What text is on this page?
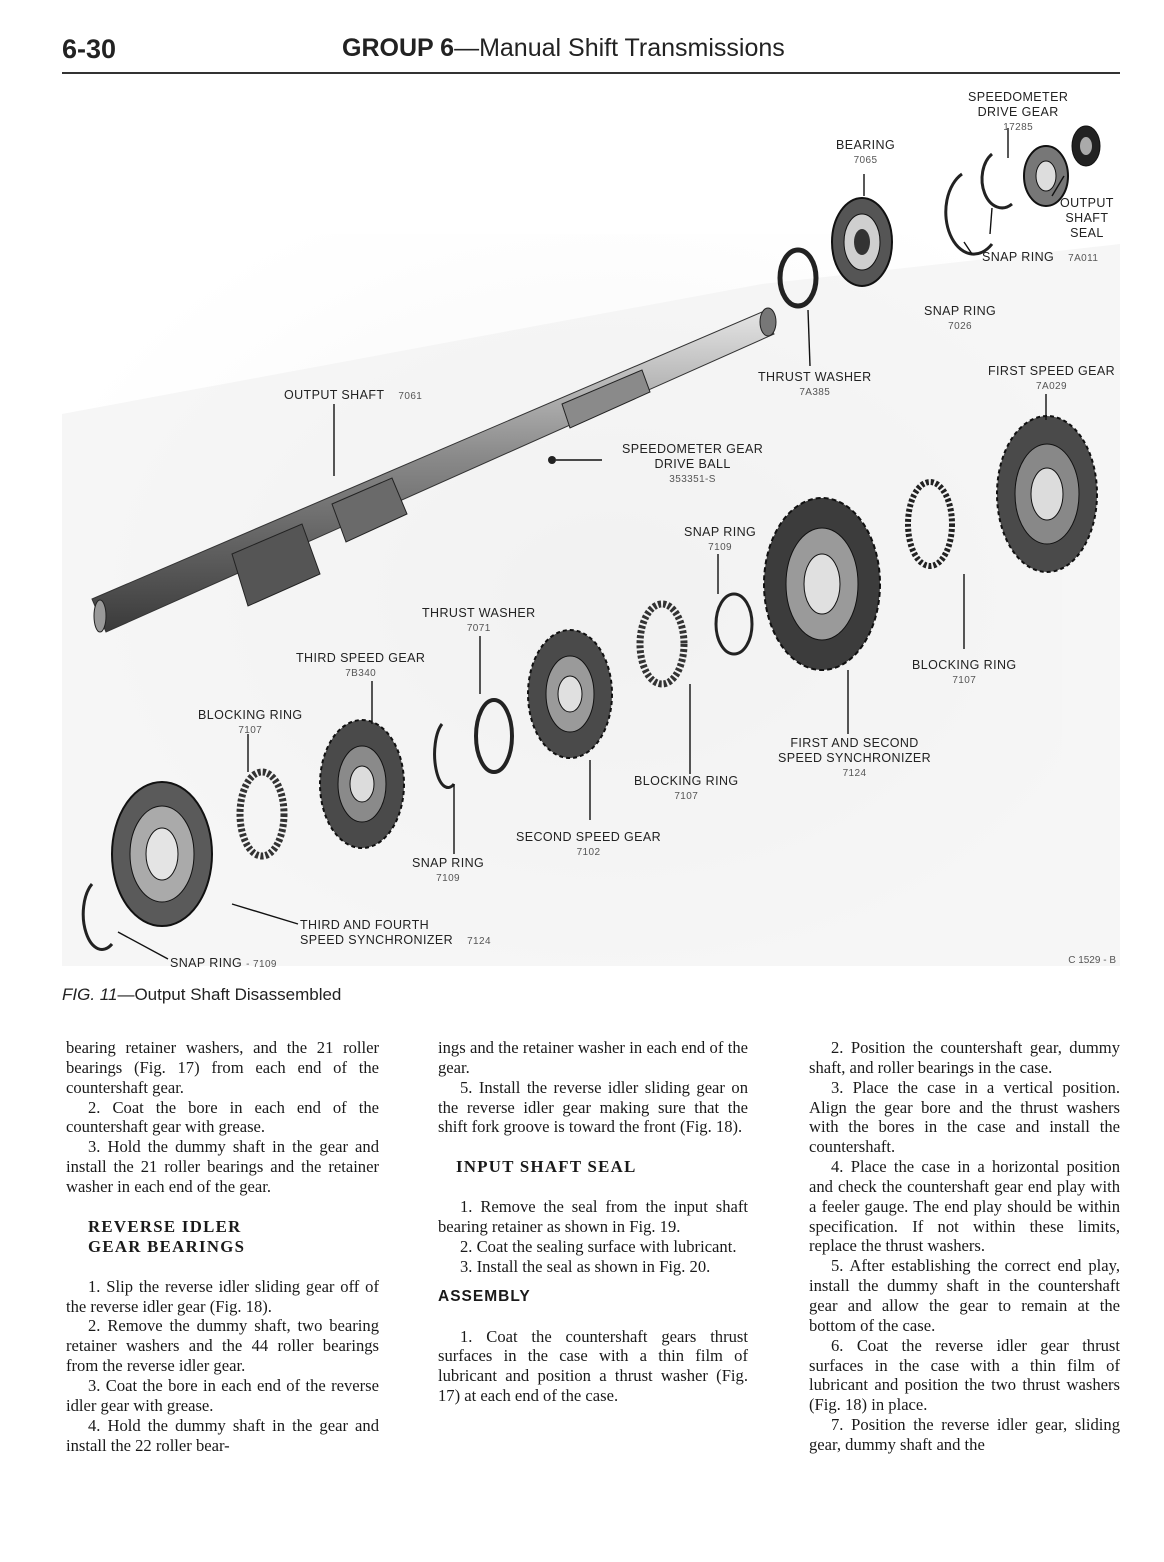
6-30	GROUP 6—Manual Shift Transmissions
SPEEDOMETER
DRIVE GEAR
17285
BEARING
7065
OUTPUT
SHAFT
SEAL
SNAP RING 7A011
SNAP RING
7026
THRUST WASHER
7A385
FIRST SPEED GEAR
7A029
OUTPUT SHAFT 7061
SPEEDOMETER GEAR
DRIVE BALL
353351-S
SNAP RING
7109
THRUST WASHER
7071
THIRD SPEED GEAR
7B340
BLOCKING RING
7107
BLOCKING RING
7107
FIRST AND SECOND
SPEED SYNCHRONIZER
7124
BLOCKING RING
7107
SECOND SPEED GEAR
7102
SNAP RING
7109
THIRD AND FOURTH
SPEED SYNCHRONIZER 7124
SNAP RING - 7109	C 1529 - B
FIG. 11—Output Shaft Disassembled

bearing retainer washers, and the 21 roller bearings (Fig. 17) from each end of the countershaft gear.

2. Coat the bore in each end of the countershaft gear with grease.

3. Hold the dummy shaft in the gear and install the 21 roller bearings and the retainer washer in each end of the gear.

REVERSE IDLER
GEAR BEARINGS

1. Slip the reverse idler sliding gear off of the reverse idler gear (Fig. 18).

2. Remove the dummy shaft, two bearing retainer washers and the 44 roller bearings from the reverse idler gear.

3. Coat the bore in each end of the reverse idler gear with grease.

4. Hold the dummy shaft in the gear and install the 22 roller bear-

ings and the retainer washer in each end of the gear.

5. Install the reverse idler sliding gear on the reverse idler gear making sure that the shift fork groove is toward the front (Fig. 18).

INPUT SHAFT SEAL

1. Remove the seal from the input shaft bearing retainer as shown in Fig. 19.

2. Coat the sealing surface with lubricant.

3. Install the seal as shown in Fig. 20.

ASSEMBLY

1. Coat the countershaft gears thrust surfaces in the case with a thin film of lubricant and position a thrust washer (Fig. 17) at each end of the case.

2. Position the countershaft gear, dummy shaft, and roller bearings in the case.

3. Place the case in a vertical position. Align the gear bore and the thrust washers with the bores in the case and install the countershaft.

4. Place the case in a horizontal position and check the countershaft gear end play with a feeler gauge. The end play should be within specification. If not within these limits, replace the thrust washers.

5. After establishing the correct end play, install the dummy shaft in the countershaft gear and allow the gear to remain at the bottom of the case.

6. Coat the reverse idler gear thrust surfaces in the case with a thin film of lubricant and position the two thrust washers (Fig. 18) in place.

7. Position the reverse idler gear, sliding gear, dummy shaft and the
